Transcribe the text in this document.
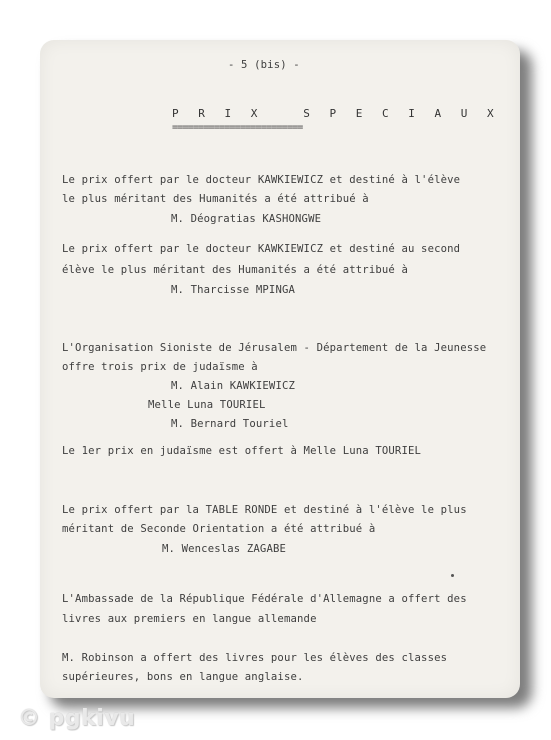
- 5 (bis) -
P R I X   S P E C I A U X
=========================
Le prix offert par le docteur KAWKIEWICZ et destiné à l'élève
le plus méritant des Humanités a été attribué à
M. Déogratias KASHONGWE
Le prix offert par le docteur KAWKIEWICZ et destiné au second
élève le plus méritant des Humanités a été attribué à
M. Tharcisse MPINGA
L'Organisation Sioniste de Jérusalem - Département de la Jeunesse
offre trois prix de judaïsme à
M. Alain KAWKIEWICZ
Melle Luna TOURIEL
M. Bernard Touriel
Le 1er prix en judaïsme est offert à Melle Luna TOURIEL
Le prix offert par la TABLE RONDE et destiné à l'élève le plus
méritant de Seconde Orientation a été attribué à
M. Wenceslas ZAGABE
L'Ambassade de la République Fédérale d'Allemagne a offert des
livres aux premiers en langue allemande
M. Robinson a offert des livres pour les élèves des classes
supérieures, bons en langue anglaise.
© pgkivu
